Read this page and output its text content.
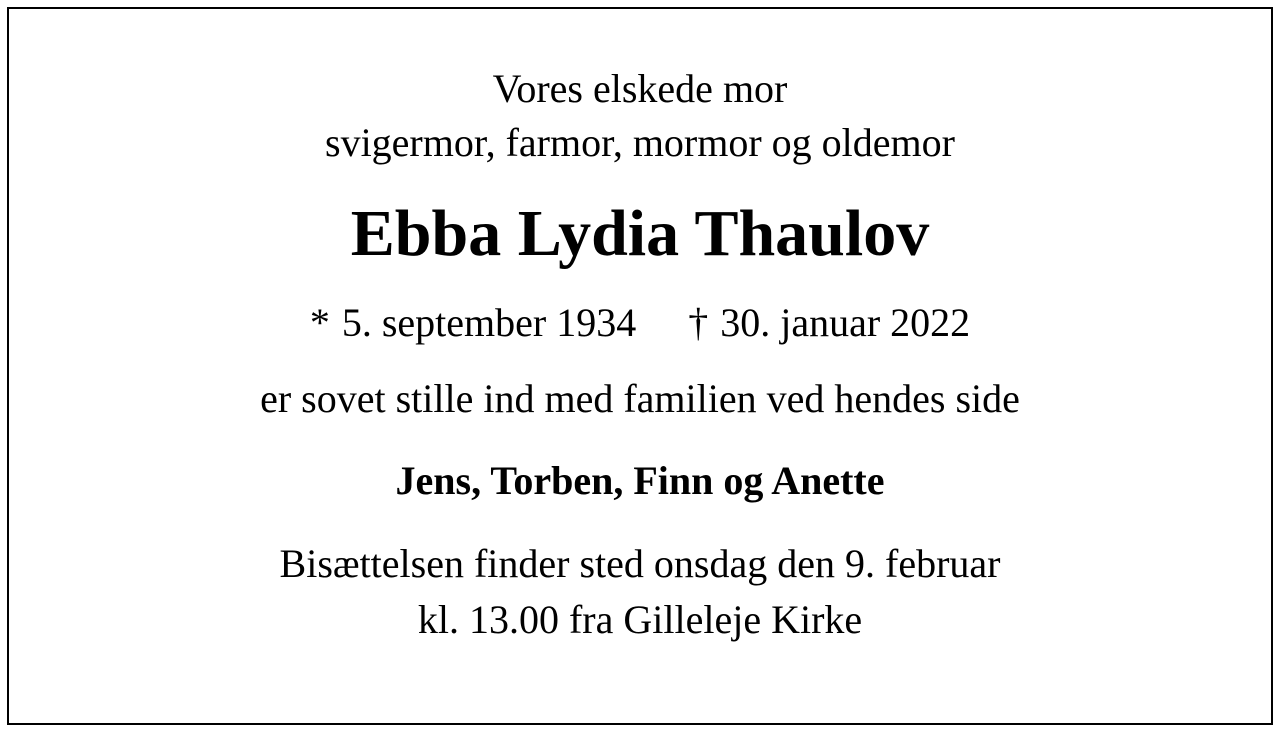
Vores elskede mor
svigermor, farmor, mormor og oldemor
Ebba Lydia Thaulov
* 5. september 1934 † 30. januar 2022
er sovet stille ind med familien ved hendes side
Jens, Torben, Finn og Anette
Bisættelsen finder sted onsdag den 9. februar
kl. 13.00 fra Gilleleje Kirke
